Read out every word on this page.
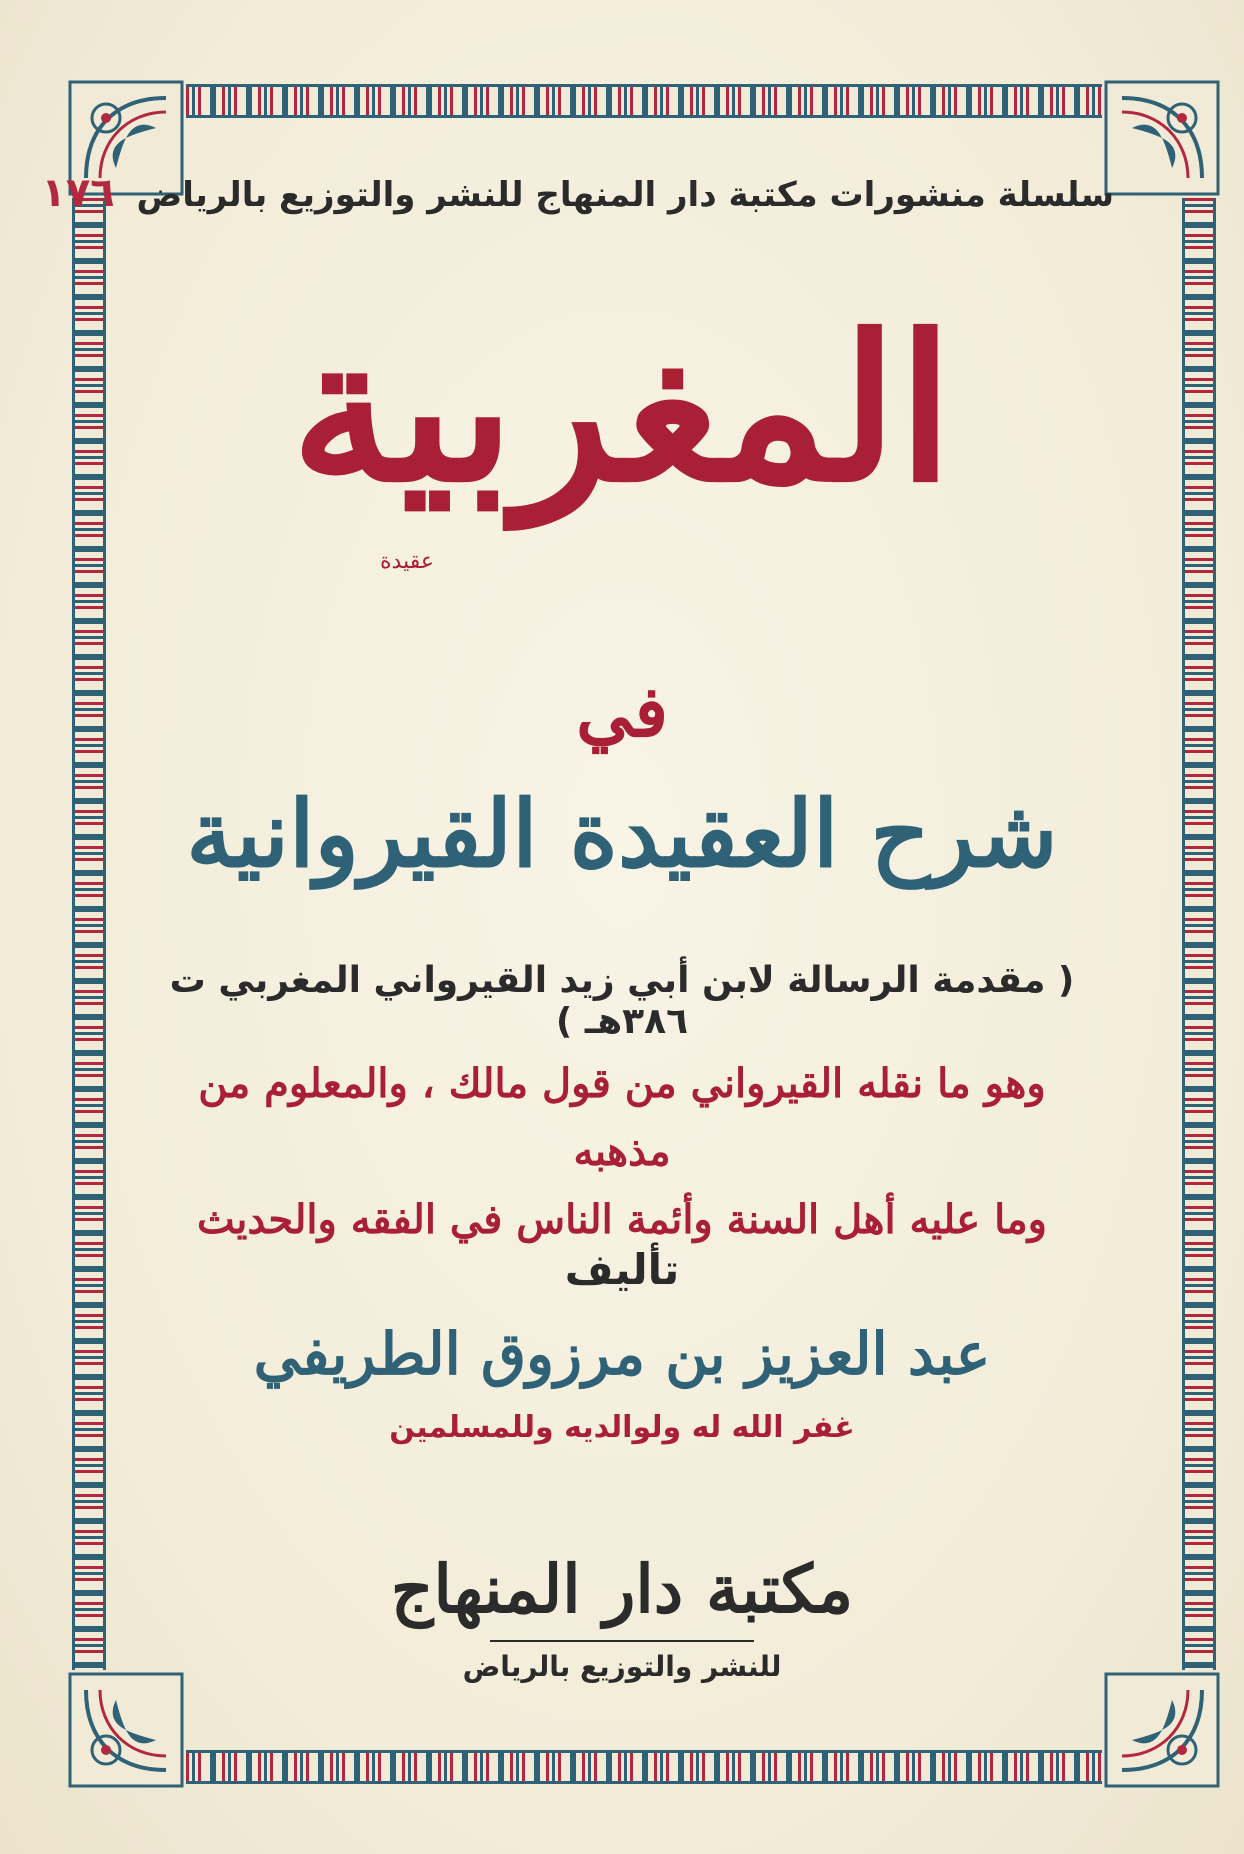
سلسلة منشورات مكتبة دار المنهاج للنشر والتوزيع بالرياض ١٧٦
المغربية
عقيدة
في
شرح العقيدة القيروانية
( مقدمة الرسالة لابن أبي زيد القيرواني المغربي ت ٣٨٦هـ )
وهو ما نقله القيرواني من قول مالك ، والمعلوم من مذهبه
وما عليه أهل السنة وأئمة الناس في الفقه والحديث
تأليف
عبد العزيز بن مرزوق الطريفي
غفر الله له ولوالديه وللمسلمين
مكتبة دار المنهاج
للنشر والتوزيع بالرياض
